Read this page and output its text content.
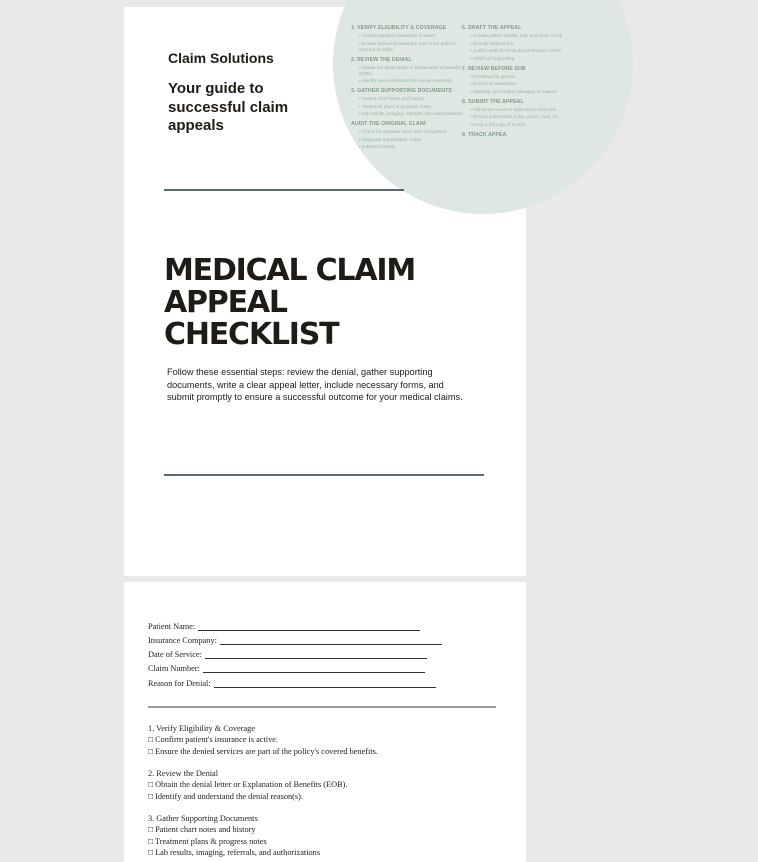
1. VERIFY ELIGIBILITY & COVERAGE
• Confirm patient's insurance is active
• Ensure denied services are part of the policy's covered benefits.
2. REVIEW THE DENIAL
• Obtain the denial letter or Explanation of Benefits (EOB).
• Identify and understand the denial reason(s).
3. GATHER SUPPORTING DOCUMENTS
• Patient chart notes and history
• Treatment plans & progress notes
• Lab results, imaging, referrals, and authorizations
AUDIT THE ORIGINAL CLAIM
• Check for accurate claim form completion.
• diagnosis & procedure codes
• submitted timely
6. DRAFT THE APPEAL
• Include patient details, info, and claim numb
• Directly address the
• Justify medical neces documentation refere
• Attach all supporting
7. REVIEW BEFORE SUB
• Proofread for gramm
• Ensure all attachmen
• Optional: get feedba colleague or supervi
8. SUBMIT THE APPEAL
• Follow the insurer's submission instructio
• Record submission d (fax, portal, mail, etc
• Keep a full copy of w sent.
9. TRACK APPEA
Claim Solutions
Your guide to successful claim appeals
MEDICAL CLAIM
APPEAL
CHECKLIST
Follow these essential steps: review the denial, gather supporting documents, write a clear appeal letter, include necessary forms, and submit promptly to ensure a successful outcome for your medical claims.
Patient Name:
Insurance Company:
Date of Service:
Claim Number:
Reason for Denial:
1. Verify Eligibility & Coverage
□ Confirm patient's insurance is active.
□ Ensure the denied services are part of the policy's covered benefits.
2. Review the Denial
□ Obtain the denial letter or Explanation of Benefits (EOB).
□ Identify and understand the denial reason(s).
3. Gather Supporting Documents
□ Patient chart notes and history
□ Treatment plans & progress notes
□ Lab results, imaging, referrals, and authorizations
